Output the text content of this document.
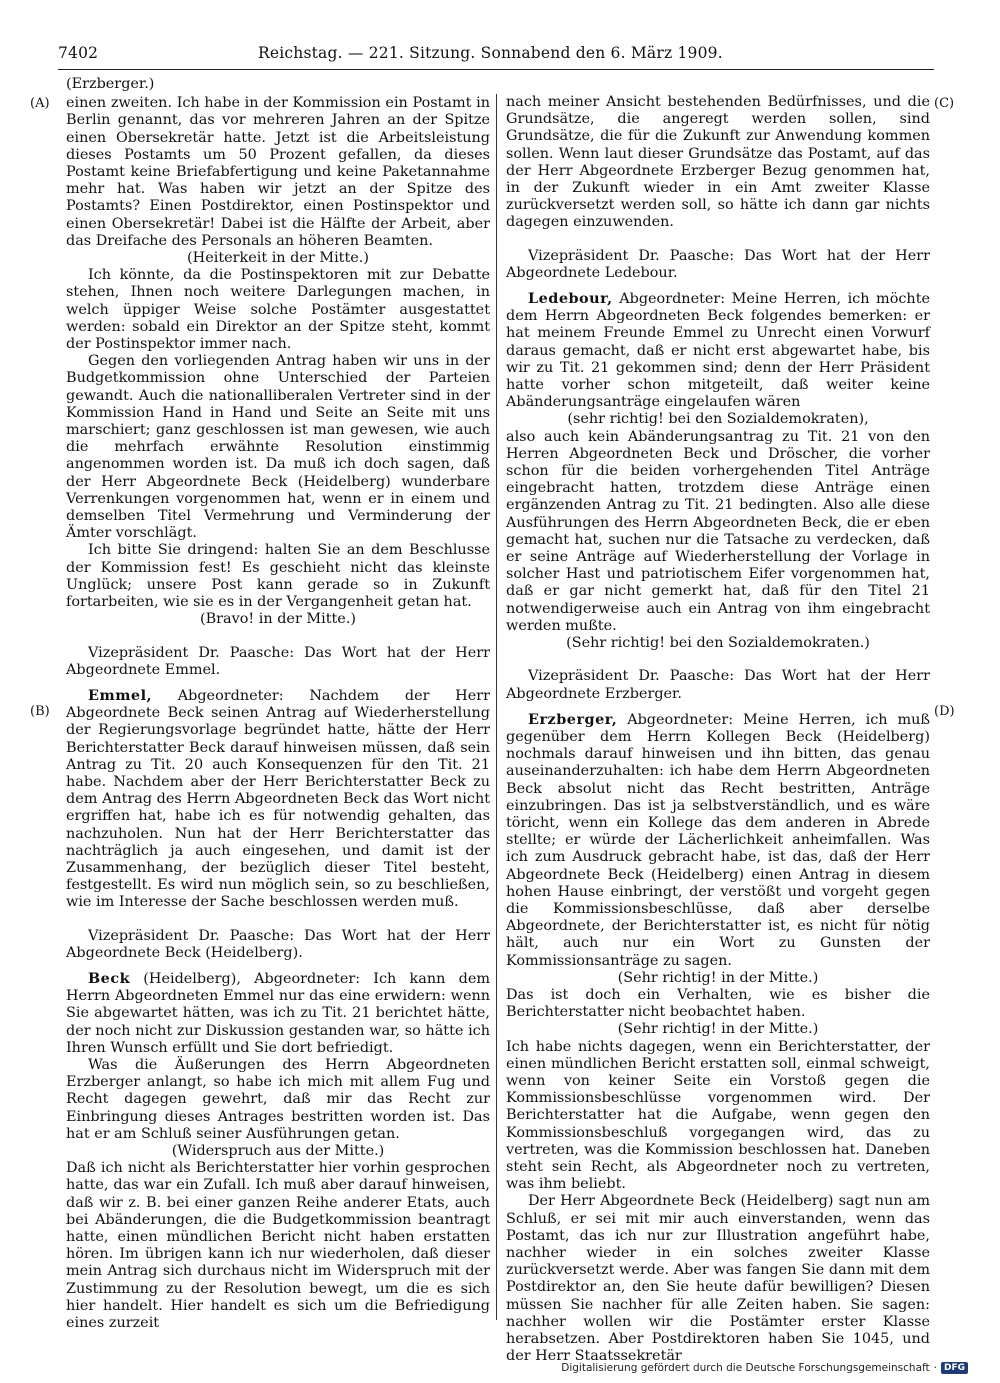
7402	Reichstag. — 221. Sitzung. Sonnabend den 6. März 1909.
(A)
(B)
(C)
(D)

(Erzberger.)

einen zweiten. Ich habe in der Kommission ein Postamt in Berlin genannt, das vor mehreren Jahren an der Spitze einen Obersekretär hatte. Jetzt ist die Arbeitsleistung dieses Postamts um 50 Prozent gefallen, da dieses Postamt keine Briefabfertigung und keine Paketannahme mehr hat. Was haben wir jetzt an der Spitze des Postamts? Einen Postdirektor, einen Postinspektor und einen Obersekretär! Dabei ist die Hälfte der Arbeit, aber das Dreifache des Personals an höheren Beamten.

(Heiterkeit in der Mitte.)

Ich könnte, da die Postinspektoren mit zur Debatte stehen, Ihnen noch weitere Darlegungen machen, in welch üppiger Weise solche Postämter ausgestattet werden: sobald ein Direktor an der Spitze steht, kommt der Postinspektor immer nach.

Gegen den vorliegenden Antrag haben wir uns in der Budgetkommission ohne Unterschied der Parteien gewandt. Auch die nationalliberalen Vertreter sind in der Kommission Hand in Hand und Seite an Seite mit uns marschiert; ganz geschlossen ist man gewesen, wie auch die mehrfach erwähnte Resolution einstimmig angenommen worden ist. Da muß ich doch sagen, daß der Herr Abgeordnete Beck (Heidelberg) wunderbare Verrenkungen vorgenommen hat, wenn er in einem und demselben Titel Vermehrung und Verminderung der Ämter vorschlägt.

Ich bitte Sie dringend: halten Sie an dem Beschlusse der Kommission fest! Es geschieht nicht das kleinste Unglück; unsere Post kann gerade so in Zukunft fortarbeiten, wie sie es in der Vergangenheit getan hat.

(Bravo! in der Mitte.)

Vizepräsident Dr. Paasche: Das Wort hat der Herr Abgeordnete Emmel.

Emmel, Abgeordneter: Nachdem der Herr Abgeordnete Beck seinen Antrag auf Wiederherstellung der Regierungsvorlage begründet hatte, hätte der Herr Berichterstatter Beck darauf hinweisen müssen, daß sein Antrag zu Tit. 20 auch Konsequenzen für den Tit. 21 habe. Nachdem aber der Herr Berichterstatter Beck zu dem Antrag des Herrn Abgeordneten Beck das Wort nicht ergriffen hat, habe ich es für notwendig gehalten, das nachzuholen. Nun hat der Herr Berichterstatter das nachträglich ja auch eingesehen, und damit ist der Zusammenhang, der bezüglich dieser Titel besteht, festgestellt. Es wird nun möglich sein, so zu beschließen, wie im Interesse der Sache beschlossen werden muß.

Vizepräsident Dr. Paasche: Das Wort hat der Herr Abgeordnete Beck (Heidelberg).

Beck (Heidelberg), Abgeordneter: Ich kann dem Herrn Abgeordneten Emmel nur das eine erwidern: wenn Sie abgewartet hätten, was ich zu Tit. 21 berichtet hätte, der noch nicht zur Diskussion gestanden war, so hätte ich Ihren Wunsch erfüllt und Sie dort befriedigt.

Was die Äußerungen des Herrn Abgeordneten Erzberger anlangt, so habe ich mich mit allem Fug und Recht dagegen gewehrt, daß mir das Recht zur Einbringung dieses Antrages bestritten worden ist. Das hat er am Schluß seiner Ausführungen getan.

(Widerspruch aus der Mitte.)

Daß ich nicht als Berichterstatter hier vorhin gesprochen hatte, das war ein Zufall. Ich muß aber darauf hinweisen, daß wir z. B. bei einer ganzen Reihe anderer Etats, auch bei Abänderungen, die die Budgetkommission beantragt hatte, einen mündlichen Bericht nicht haben erstatten hören. Im übrigen kann ich nur wiederholen, daß dieser mein Antrag sich durchaus nicht im Widerspruch mit der Zustimmung zu der Resolution bewegt, um die es sich hier handelt. Hier handelt es sich um die Befriedigung eines zurzeit

nach meiner Ansicht bestehenden Bedürfnisses, und die Grundsätze, die angeregt werden sollen, sind Grundsätze, die für die Zukunft zur Anwendung kommen sollen. Wenn laut dieser Grundsätze das Postamt, auf das der Herr Abgeordnete Erzberger Bezug genommen hat, in der Zukunft wieder in ein Amt zweiter Klasse zurückversetzt werden soll, so hätte ich dann gar nichts dagegen einzuwenden.

Vizepräsident Dr. Paasche: Das Wort hat der Herr Abgeordnete Ledebour.

Ledebour, Abgeordneter: Meine Herren, ich möchte dem Herrn Abgeordneten Beck folgendes bemerken: er hat meinem Freunde Emmel zu Unrecht einen Vorwurf daraus gemacht, daß er nicht erst abgewartet habe, bis wir zu Tit. 21 gekommen sind; denn der Herr Präsident hatte vorher schon mitgeteilt, daß weiter keine Abänderungsanträge eingelaufen wären

(sehr richtig! bei den Sozialdemokraten),

also auch kein Abänderungsantrag zu Tit. 21 von den Herren Abgeordneten Beck und Dröscher, die vorher schon für die beiden vorhergehenden Titel Anträge eingebracht hatten, trotzdem diese Anträge einen ergänzenden Antrag zu Tit. 21 bedingten. Also alle diese Ausführungen des Herrn Abgeordneten Beck, die er eben gemacht hat, suchen nur die Tatsache zu verdecken, daß er seine Anträge auf Wiederherstellung der Vorlage in solcher Hast und patriotischem Eifer vorgenommen hat, daß er gar nicht gemerkt hat, daß für den Titel 21 notwendigerweise auch ein Antrag von ihm eingebracht werden mußte.

(Sehr richtig! bei den Sozialdemokraten.)

Vizepräsident Dr. Paasche: Das Wort hat der Herr Abgeordnete Erzberger.

Erzberger, Abgeordneter: Meine Herren, ich muß gegenüber dem Herrn Kollegen Beck (Heidelberg) nochmals darauf hinweisen und ihn bitten, das genau auseinanderzuhalten: ich habe dem Herrn Abgeordneten Beck absolut nicht das Recht bestritten, Anträge einzubringen. Das ist ja selbstverständlich, und es wäre töricht, wenn ein Kollege das dem anderen in Abrede stellte; er würde der Lächerlichkeit anheimfallen. Was ich zum Ausdruck gebracht habe, ist das, daß der Herr Abgeordnete Beck (Heidelberg) einen Antrag in diesem hohen Hause einbringt, der verstößt und vorgeht gegen die Kommissionsbeschlüsse, daß aber derselbe Abgeordnete, der Berichterstatter ist, es nicht für nötig hält, auch nur ein Wort zu Gunsten der Kommissionsanträge zu sagen.

(Sehr richtig! in der Mitte.)

Das ist doch ein Verhalten, wie es bisher die Berichterstatter nicht beobachtet haben.

(Sehr richtig! in der Mitte.)

Ich habe nichts dagegen, wenn ein Berichterstatter, der einen mündlichen Bericht erstatten soll, einmal schweigt, wenn von keiner Seite ein Vorstoß gegen die Kommissionsbeschlüsse vorgenommen wird. Der Berichterstatter hat die Aufgabe, wenn gegen den Kommissionsbeschluß vorgegangen wird, das zu vertreten, was die Kommission beschlossen hat. Daneben steht sein Recht, als Abgeordneter noch zu vertreten, was ihm beliebt.

Der Herr Abgeordnete Beck (Heidelberg) sagt nun am Schluß, er sei mit mir auch einverstanden, wenn das Postamt, das ich nur zur Illustration angeführt habe, nachher wieder in ein solches zweiter Klasse zurückversetzt werde. Aber was fangen Sie dann mit dem Postdirektor an, den Sie heute dafür bewilligen? Diesen müssen Sie nachher für alle Zeiten haben. Sie sagen: nachher wollen wir die Postämter erster Klasse herabsetzen. Aber Postdirektoren haben Sie 1045, und der Herr Staatssekretär

Digitalisierung gefördert durch die Deutsche Forschungsgemeinschaft · DFG
